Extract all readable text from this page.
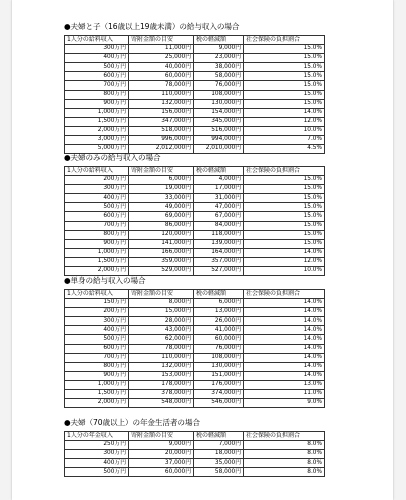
●夫婦と子（16歳以上19歳未満）の給与収入の場合
1人分の給料収入	寄附金額の目安	税の軽減額	社会保険の負担割合
300万円	11,000円	9,000円	15.0%
400万円	25,000円	23,000円	15.0%
500万円	40,000円	38,000円	15.0%
600万円	60,000円	58,000円	15.0%
700万円	78,000円	76,000円	15.0%
800万円	110,000円	108,000円	15.0%
900万円	132,000円	130,000円	15.0%
1,000万円	156,000円	154,000円	14.0%
1,500万円	347,000円	345,000円	12.0%
2,000万円	518,000円	516,000円	10.0%
3,000万円	996,000円	994,000円	7.0%
5,000万円	2,012,000円	2,010,000円	4.5%
●夫婦のみの給与収入の場合
1人分の給料収入	寄附金額の目安	税の軽減額	社会保険の負担割合
200万円	6,000円	4,000円	15.0%
300万円	19,000円	17,000円	15.0%
400万円	33,000円	31,000円	15.0%
500万円	49,000円	47,000円	15.0%
600万円	69,000円	67,000円	15.0%
700万円	86,000円	84,000円	15.0%
800万円	120,000円	118,000円	15.0%
900万円	141,000円	139,000円	15.0%
1,000万円	166,000円	164,000円	14.0%
1,500万円	359,000円	357,000円	12.0%
2,000万円	529,000円	527,000円	10.0%
●単身の給与収入の場合
1人分の給料収入	寄附金額の目安	税の軽減額	社会保険の負担割合
150万円	8,000円	6,000円	14.0%
200万円	15,000円	13,000円	14.0%
300万円	28,000円	26,000円	14.0%
400万円	43,000円	41,000円	14.0%
500万円	62,000円	60,000円	14.0%
600万円	78,000円	76,000円	14.0%
700万円	110,000円	108,000円	14.0%
800万円	132,000円	130,000円	14.0%
900万円	153,000円	151,000円	14.0%
1,000万円	178,000円	176,000円	13.0%
1,500万円	378,000円	374,000円	11.0%
2,000万円	548,000円	546,000円	9.0%
●夫婦（70歳以上）の年金生活者の場合
1人分の年金収入	寄附金額の目安	税の軽減額	社会保険の負担割合
250万円	9,000円	7,000円	8.0%
300万円	20,000円	18,000円	8.0%
400万円	37,000円	35,000円	8.0%
500万円	60,000円	58,000円	8.0%
